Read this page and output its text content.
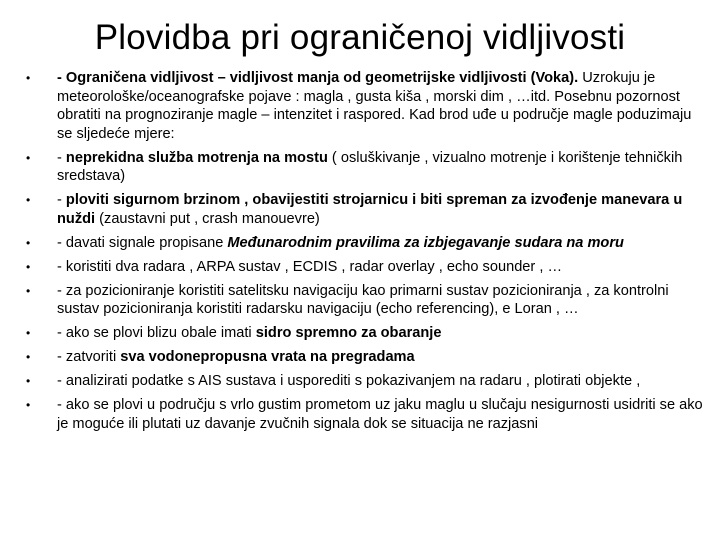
Plovidba pri ograničenoj vidljivosti
•	- Ograničena vidljivost – vidljivost manja od geometrijske vidljivosti (Voka). Uzrokuju je meteorološke/oceanografske pojave : magla , gusta kiša , morski dim , …itd. Posebnu pozornost obratiti na prognoziranje magle – intenzitet i raspored. Kad brod uđe u područje magle poduzimaju se sljedeće mjere:
•	- neprekidna služba motrenja na mostu ( osluškivanje , vizualno motrenje i korištenje tehničkih sredstava)
•	- ploviti sigurnom brzinom , obavijestiti strojarnicu i biti spreman za izvođenje manevara u nuždi (zaustavni put , crash manouevre)
•	- davati signale propisane Međunarodnim pravilima za izbjegavanje sudara na moru
•	- koristiti dva radara , ARPA sustav , ECDIS , radar overlay , echo sounder , …
•	- za pozicioniranje koristiti satelitsku navigaciju kao primarni sustav pozicioniranja , za kontrolni sustav pozicioniranja koristiti radarsku navigaciju (echo referencing), e Loran , …
•	- ako se plovi blizu obale imati sidro spremno za obaranje
•	- zatvoriti sva vodonepropusna vrata na pregradama
•	- analizirati podatke s AIS sustava i usporediti s pokazivanjem na radaru , plotirati objekte ,
•	- ako se plovi u području s vrlo gustim prometom uz jaku maglu u slučaju nesigurnosti usidriti se ako je moguće ili plutati uz davanje zvučnih signala dok se situacija ne razjasni
